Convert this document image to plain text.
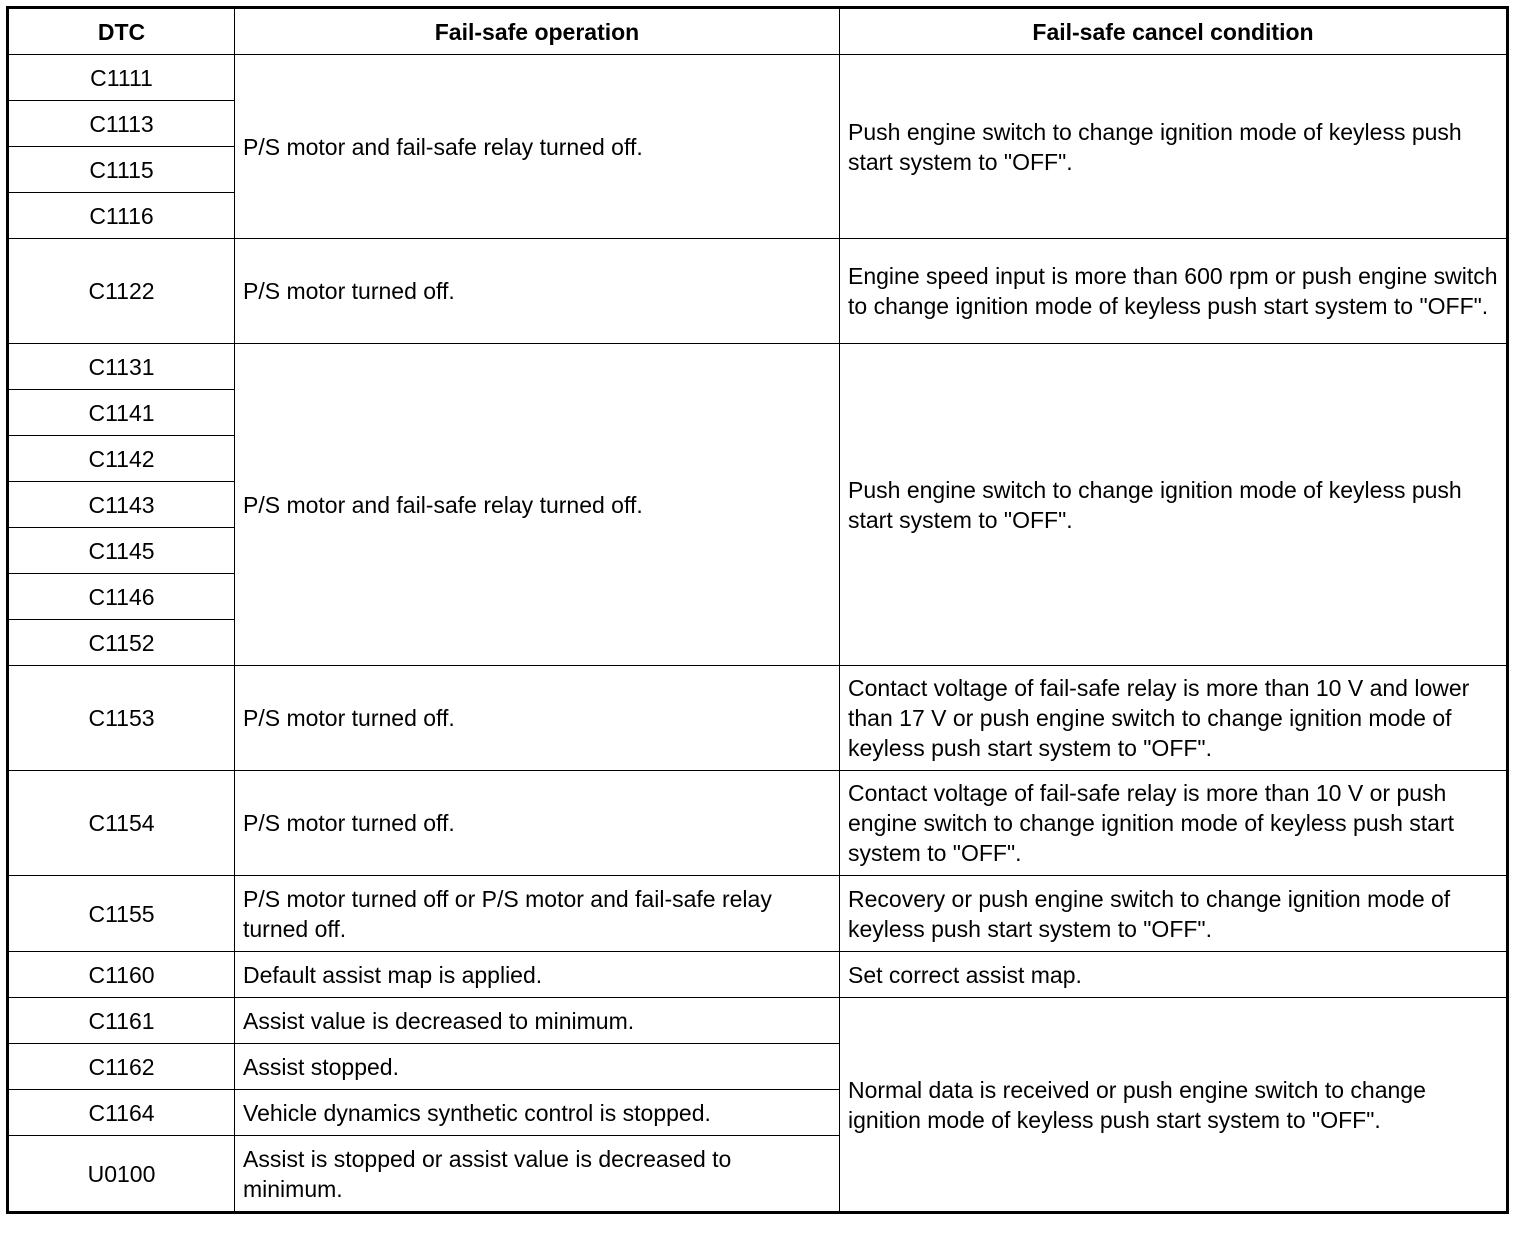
DTC	Fail-safe operation	Fail-safe cancel condition
C1111	P/S motor and fail-safe relay turned off.	Push engine switch to change ignition mode of keyless push start system to "OFF".
C1113		
C1115		
C1116		
C1122	P/S motor turned off.	Engine speed input is more than 600 rpm or push engine switch to change ignition mode of keyless push start system to "OFF".
C1131	P/S motor and fail-safe relay turned off.	Push engine switch to change ignition mode of keyless push start system to "OFF".
C1141		
C1142		
C1143		
C1145		
C1146		
C1152		
C1153	P/S motor turned off.	Contact voltage of fail-safe relay is more than 10 V and lower than 17 V or push engine switch to change ignition mode of keyless push start system to "OFF".
C1154	P/S motor turned off.	Contact voltage of fail-safe relay is more than 10 V or push engine switch to change ignition mode of keyless push start system to "OFF".
C1155	P/S motor turned off or P/S motor and fail-safe relay turned off.	Recovery or push engine switch to change ignition mode of keyless push start system to "OFF".
C1160	Default assist map is applied.	Set correct assist map.
C1161	Assist value is decreased to minimum.	Normal data is received or push engine switch to change ignition mode of keyless push start system to "OFF".
C1162	Assist stopped.	
C1164	Vehicle dynamics synthetic control is stopped.	
U0100	Assist is stopped or assist value is decreased to minimum.	
